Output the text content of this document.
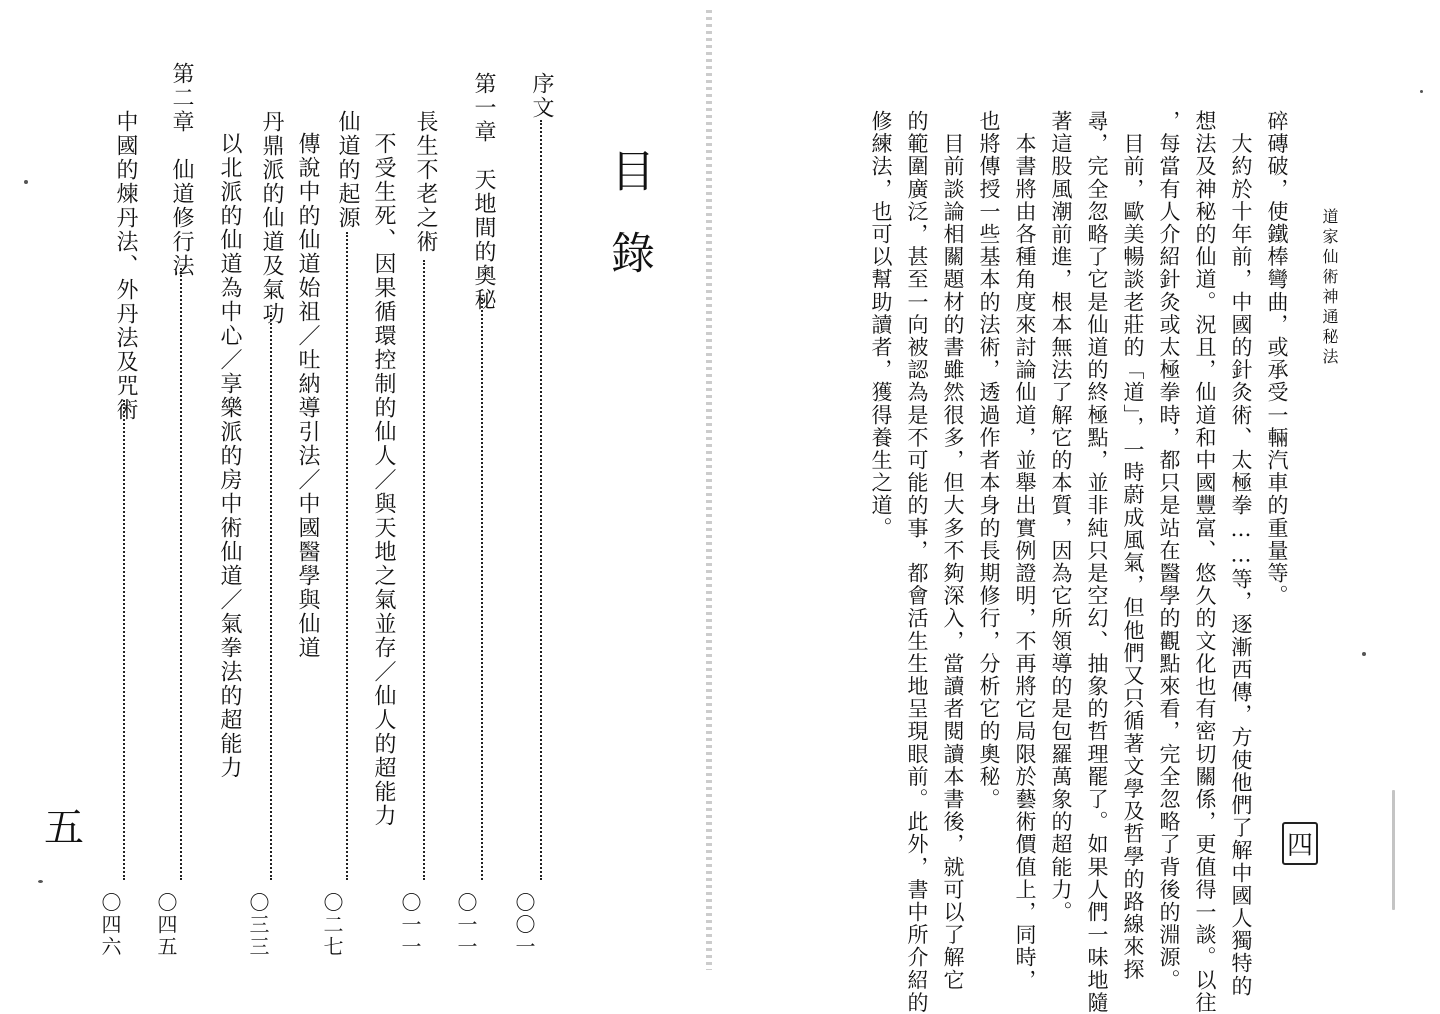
目錄
序文
〇〇一
第一章　天地間的奧秘
〇一一
長生不老之術
〇一一
不受生死、因果循環控制的仙人／與天地之氣並存／仙人的超能力
仙道的起源
〇二七
傳說中的仙道始祖／吐納導引法／中國醫學與仙道
丹鼎派的仙道及氣功
〇三三
以北派的仙道為中心／享樂派的房中術仙道／氣拳法的超能力
第二章　仙道修行法
〇四五
中國的煉丹法、外丹法及咒術
〇四六
五
道家仙術神通秘法
碎磚破，使鐵棒彎曲，或承受一輛汽車的重量等。
　大約於十年前，中國的針灸術、太極拳……等，逐漸西傳，方使他們了解中國人獨特的
想法及神秘的仙道。況且，仙道和中國豐富、悠久的文化也有密切關係，更值得一談。以往
，每當有人介紹針灸或太極拳時，都只是站在醫學的觀點來看，完全忽略了背後的淵源。
　目前，歐美暢談老莊的「道」，一時蔚成風氣，但他們又只循著文學及哲學的路線來探
尋，完全忽略了它是仙道的終極點，並非純只是空幻、抽象的哲理罷了。如果人們一味地隨
著這股風潮前進，根本無法了解它的本質，因為它所領導的是包羅萬象的超能力。
　本書將由各種角度來討論仙道，並舉出實例證明，不再將它局限於藝術價值上，同時，
也將傳授一些基本的法術，透過作者本身的長期修行，分析它的奧秘。
　目前談論相關題材的書雖然很多，但大多不夠深入，當讀者閱讀本書後，就可以了解它
的範圍廣泛，甚至一向被認為是不可能的事，都會活生生地呈現眼前。此外，書中所介紹的
修練法，也可以幫助讀者，獲得養生之道。
四
